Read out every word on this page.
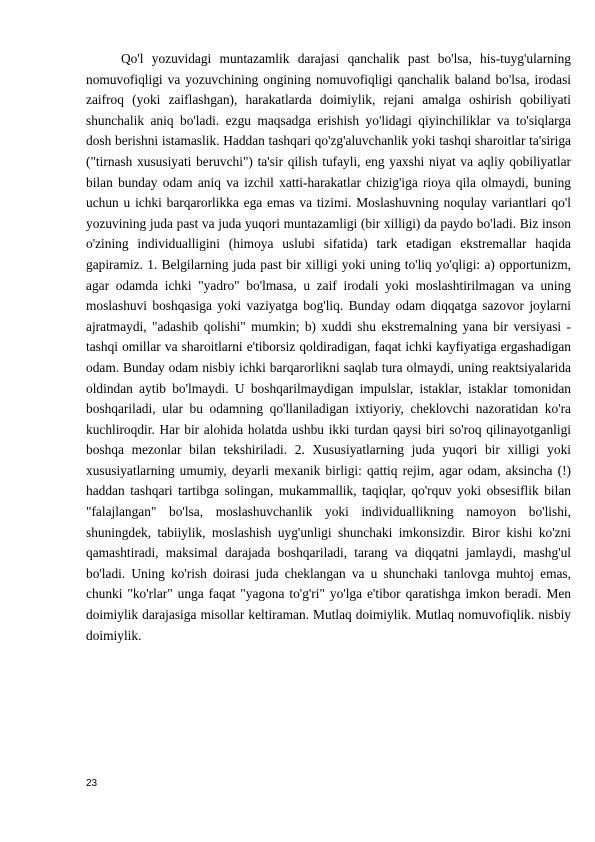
Qo'l yozuvidagi muntazamlik darajasi qanchalik past bo'lsa, his-tuyg'ularning nomuvofiqligi va yozuvchining ongining nomuvofiqligi qanchalik baland bo'lsa, irodasi zaifroq (yoki zaiflashgan), harakatlarda doimiylik, rejani amalga oshirish qobiliyati shunchalik aniq bo'ladi. ezgu maqsadga erishish yo'lidagi qiyinchiliklar va to'siqlarga dosh berishni istamaslik. Haddan tashqari qo'zg'aluvchanlik yoki tashqi sharoitlar ta'siriga ("tirnash xususiyati beruvchi") ta'sir qilish tufayli, eng yaxshi niyat va aqliy qobiliyatlar bilan bunday odam aniq va izchil xatti-harakatlar chizig'iga rioya qila olmaydi, buning uchun u ichki barqarorlikka ega emas va tizimi. Moslashuvning noqulay variantlari qo'l yozuvining juda past va juda yuqori muntazamligi (bir xilligi) da paydo bo'ladi. Biz inson o'zining individualligini (himoya uslubi sifatida) tark etadigan ekstremallar haqida gapiramiz. 1. Belgilarning juda past bir xilligi yoki uning to'liq yo'qligi: a) opportunizm, agar odamda ichki "yadro" bo'lmasa, u zaif irodali yoki moslashtirilmagan va uning moslashuvi boshqasiga yoki vaziyatga bog'liq. Bunday odam diqqatga sazovor joylarni ajratmaydi, "adashib qolishi" mumkin; b) xuddi shu ekstremalning yana bir versiyasi - tashqi omillar va sharoitlarni e'tiborsiz qoldiradigan, faqat ichki kayfiyatiga ergashadigan odam. Bunday odam nisbiy ichki barqarorlikni saqlab tura olmaydi, uning reaktsiyalarida oldindan aytib bo'lmaydi. U boshqarilmaydigan impulslar, istaklar, istaklar tomonidan boshqariladi, ular bu odamning qo'llaniladigan ixtiyoriy, cheklovchi nazoratidan ko'ra kuchliroqdir. Har bir alohida holatda ushbu ikki turdan qaysi biri so'roq qilinayotganligi boshqa mezonlar bilan tekshiriladi. 2. Xususiyatlarning juda yuqori bir xilligi yoki xususiyatlarning umumiy, deyarli mexanik birligi: qattiq rejim, agar odam, aksincha (!) haddan tashqari tartibga solingan, mukammallik, taqiqlar, qo'rquv yoki obsesiflik bilan "falajlangan" bo'lsa, moslashuvchanlik yoki individuallikning namoyon bo'lishi, shuningdek, tabiiylik, moslashish uyg'unligi shunchaki imkonsizdir. Biror kishi ko'zni qamashtiradi, maksimal darajada boshqariladi, tarang va diqqatni jamlaydi, mashg'ul bo'ladi. Uning ko'rish doirasi juda cheklangan va u shunchaki tanlovga muhtoj emas, chunki "ko'rlar" unga faqat "yagona to'g'ri" yo'lga e'tibor qaratishga imkon beradi. Men doimiylik darajasiga misollar keltiraman. Mutlaq doimiylik. Mutlaq nomuvofiqlik. nisbiy doimiylik.

23
